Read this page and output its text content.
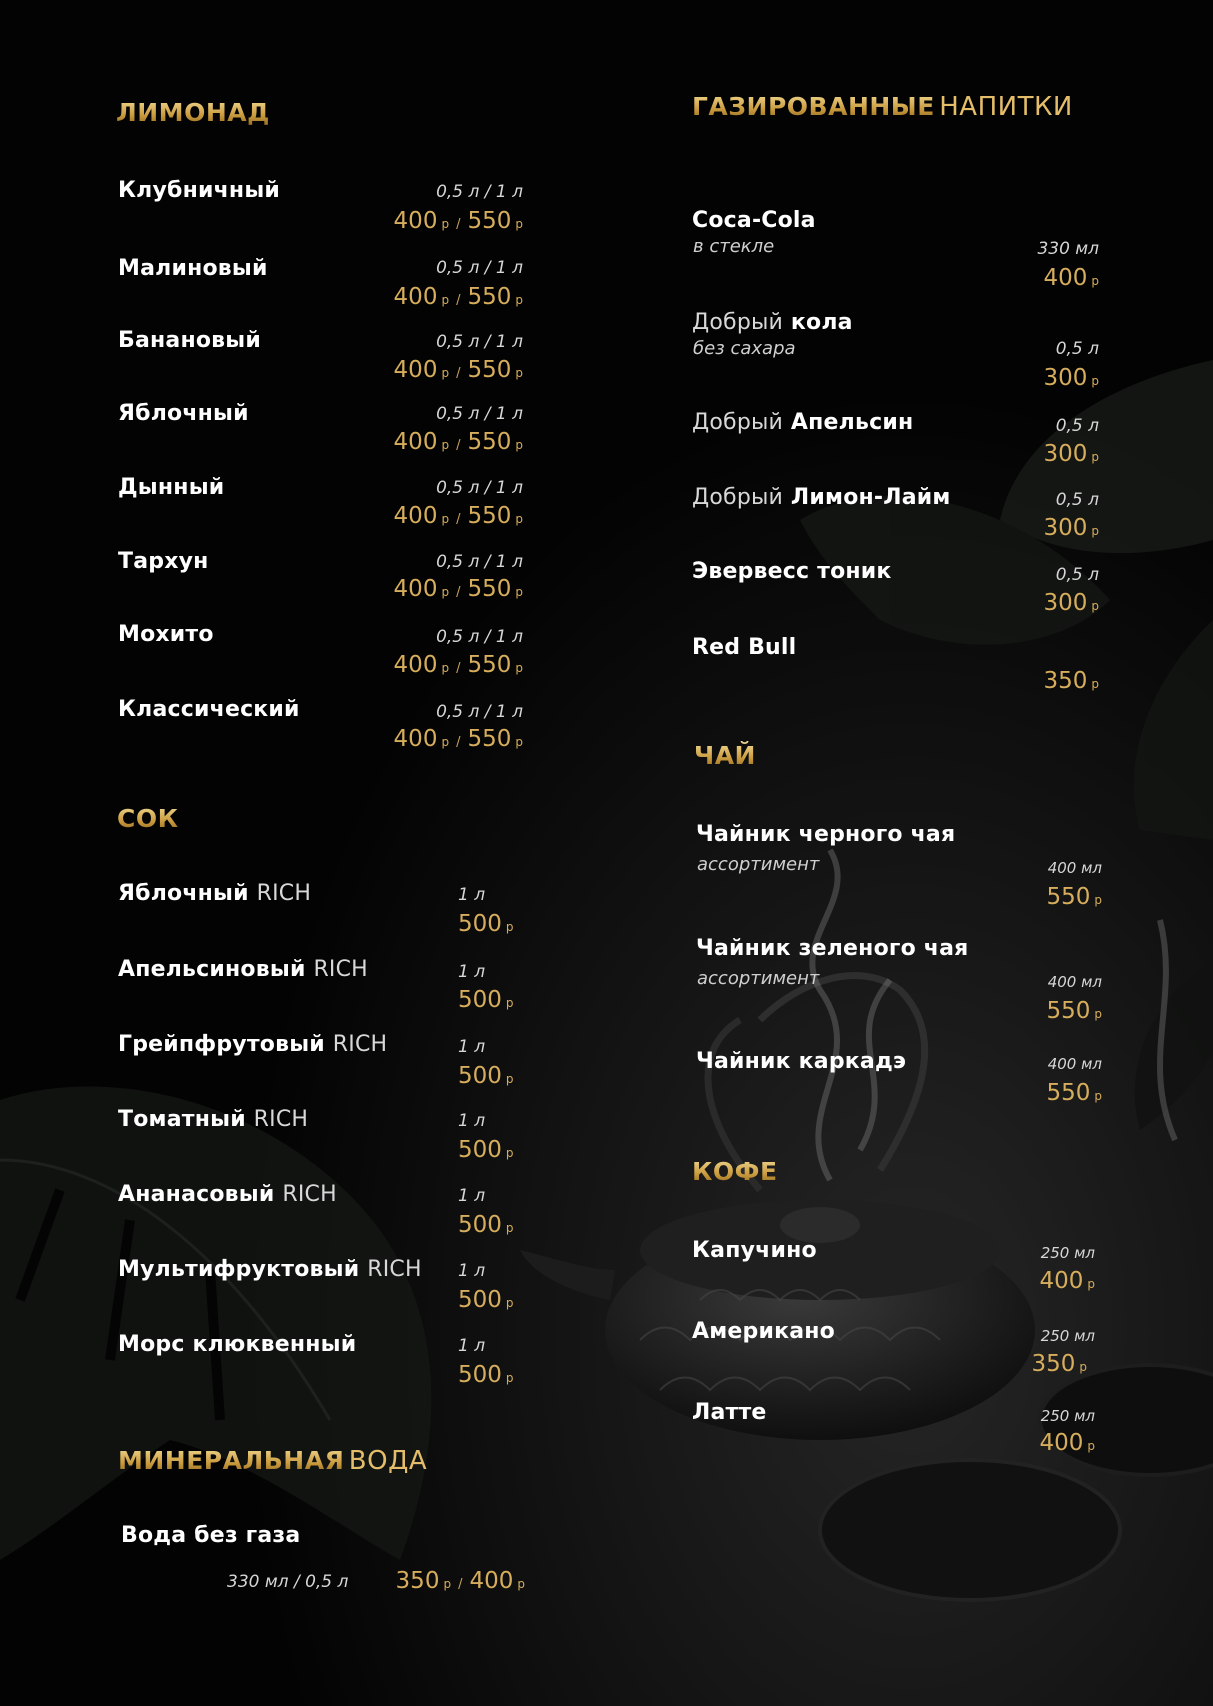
ЛИМОНАД
Клубничный	0,5 л / 1 л
400 р / 550 р
Малиновый	0,5 л / 1 л
400 р / 550 р
Банановый	0,5 л / 1 л
400 р / 550 р
Яблочный	0,5 л / 1 л
400 р / 550 р
Дынный	0,5 л / 1 л
400 р / 550 р
Тархун	0,5 л / 1 л
400 р / 550 р
Мохито	0,5 л / 1 л
400 р / 550 р
Классический	0,5 л / 1 л
400 р / 550 р
СОК
Яблочный RICH	1 л
500 р
Апельсиновый RICH	1 л
500 р
Грейпфрутовый RICH	1 л
500 р
Томатный RICH	1 л
500 р
Ананасовый RICH	1 л
500 р
Мультифруктовый RICH 1 л
500 р
Морс клюквенный	1 л
500 р
МИНЕРАЛЬНАЯ ВОДА
Вода без газа
330 мл / 0,5 л 350 р / 400 р
ГАЗИРОВАННЫЕ НАПИТКИ
Coca-Cola
в стекле	330 мл
400 р
Добрый кола
без сахара	0,5 л
300 р
Добрый Апельсин	0,5 л
300 р
Добрый Лимон-Лайм	0,5 л
300 р
Эвервесс тоник	0,5 л
300 р
Red Bull
350 р
ЧАЙ
Чайник черного чая
ассортимент	400 мл
550 р
Чайник зеленого чая
ассортимент	400 мл
550 р
Чайник каркадэ	400 мл
550 р
КОФЕ
Капучино	250 мл
400 р
Американо	250 мл
350 р
Латте	250 мл
400 р
